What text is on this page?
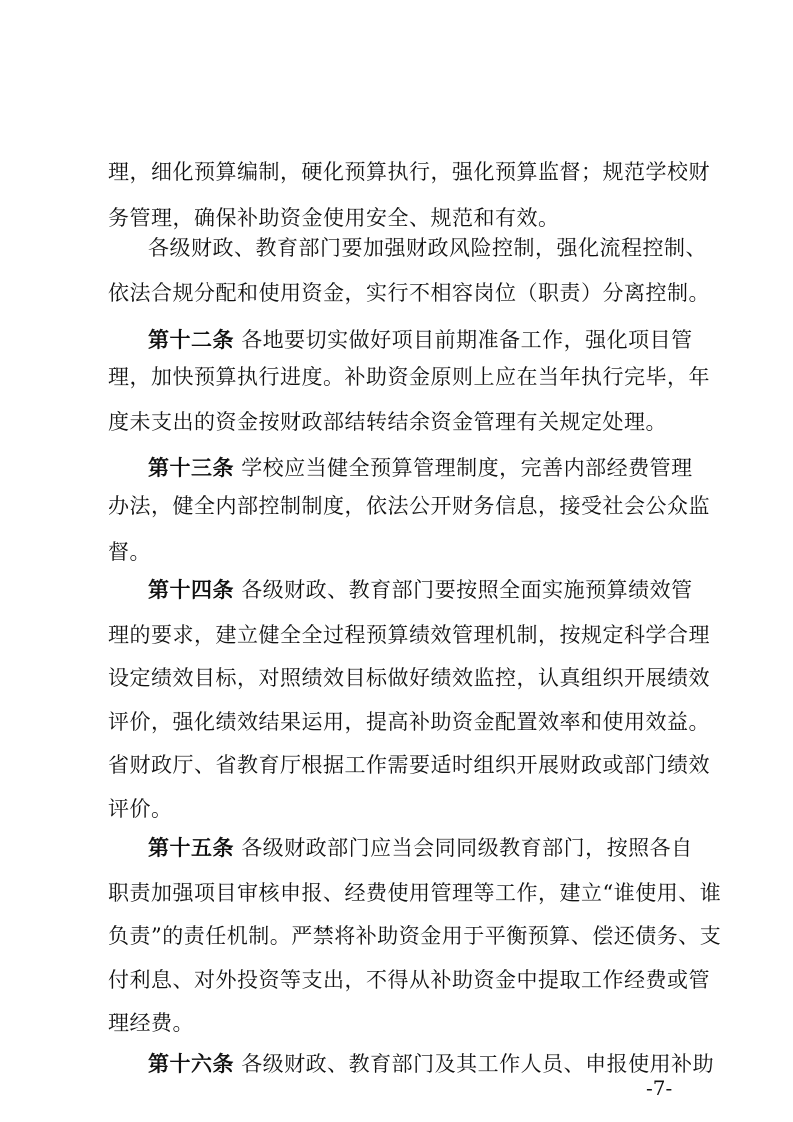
理，细化预算编制，硬化预算执行，强化预算监督；规范学校财
务管理，确保补助资金使用安全、规范和有效。
各级财政、教育部门要加强财政风险控制，强化流程控制、
依法合规分配和使用资金，实行不相容岗位（职责）分离控制。
第十二条 各地要切实做好项目前期准备工作，强化项目管
理，加快预算执行进度。补助资金原则上应在当年执行完毕，年
度未支出的资金按财政部结转结余资金管理有关规定处理。
第十三条 学校应当健全预算管理制度，完善内部经费管理
办法，健全内部控制制度，依法公开财务信息，接受社会公众监
督。
第十四条 各级财政、教育部门要按照全面实施预算绩效管
理的要求，建立健全全过程预算绩效管理机制，按规定科学合理
设定绩效目标，对照绩效目标做好绩效监控，认真组织开展绩效
评价，强化绩效结果运用，提高补助资金配置效率和使用效益。
省财政厅、省教育厅根据工作需要适时组织开展财政或部门绩效
评价。
第十五条 各级财政部门应当会同同级教育部门，按照各自
职责加强项目审核申报、经费使用管理等工作，建立“谁使用、谁
负责”的责任机制。严禁将补助资金用于平衡预算、偿还债务、支
付利息、对外投资等支出，不得从补助资金中提取工作经费或管
理经费。
第十六条 各级财政、教育部门及其工作人员、申报使用补助
-7-
